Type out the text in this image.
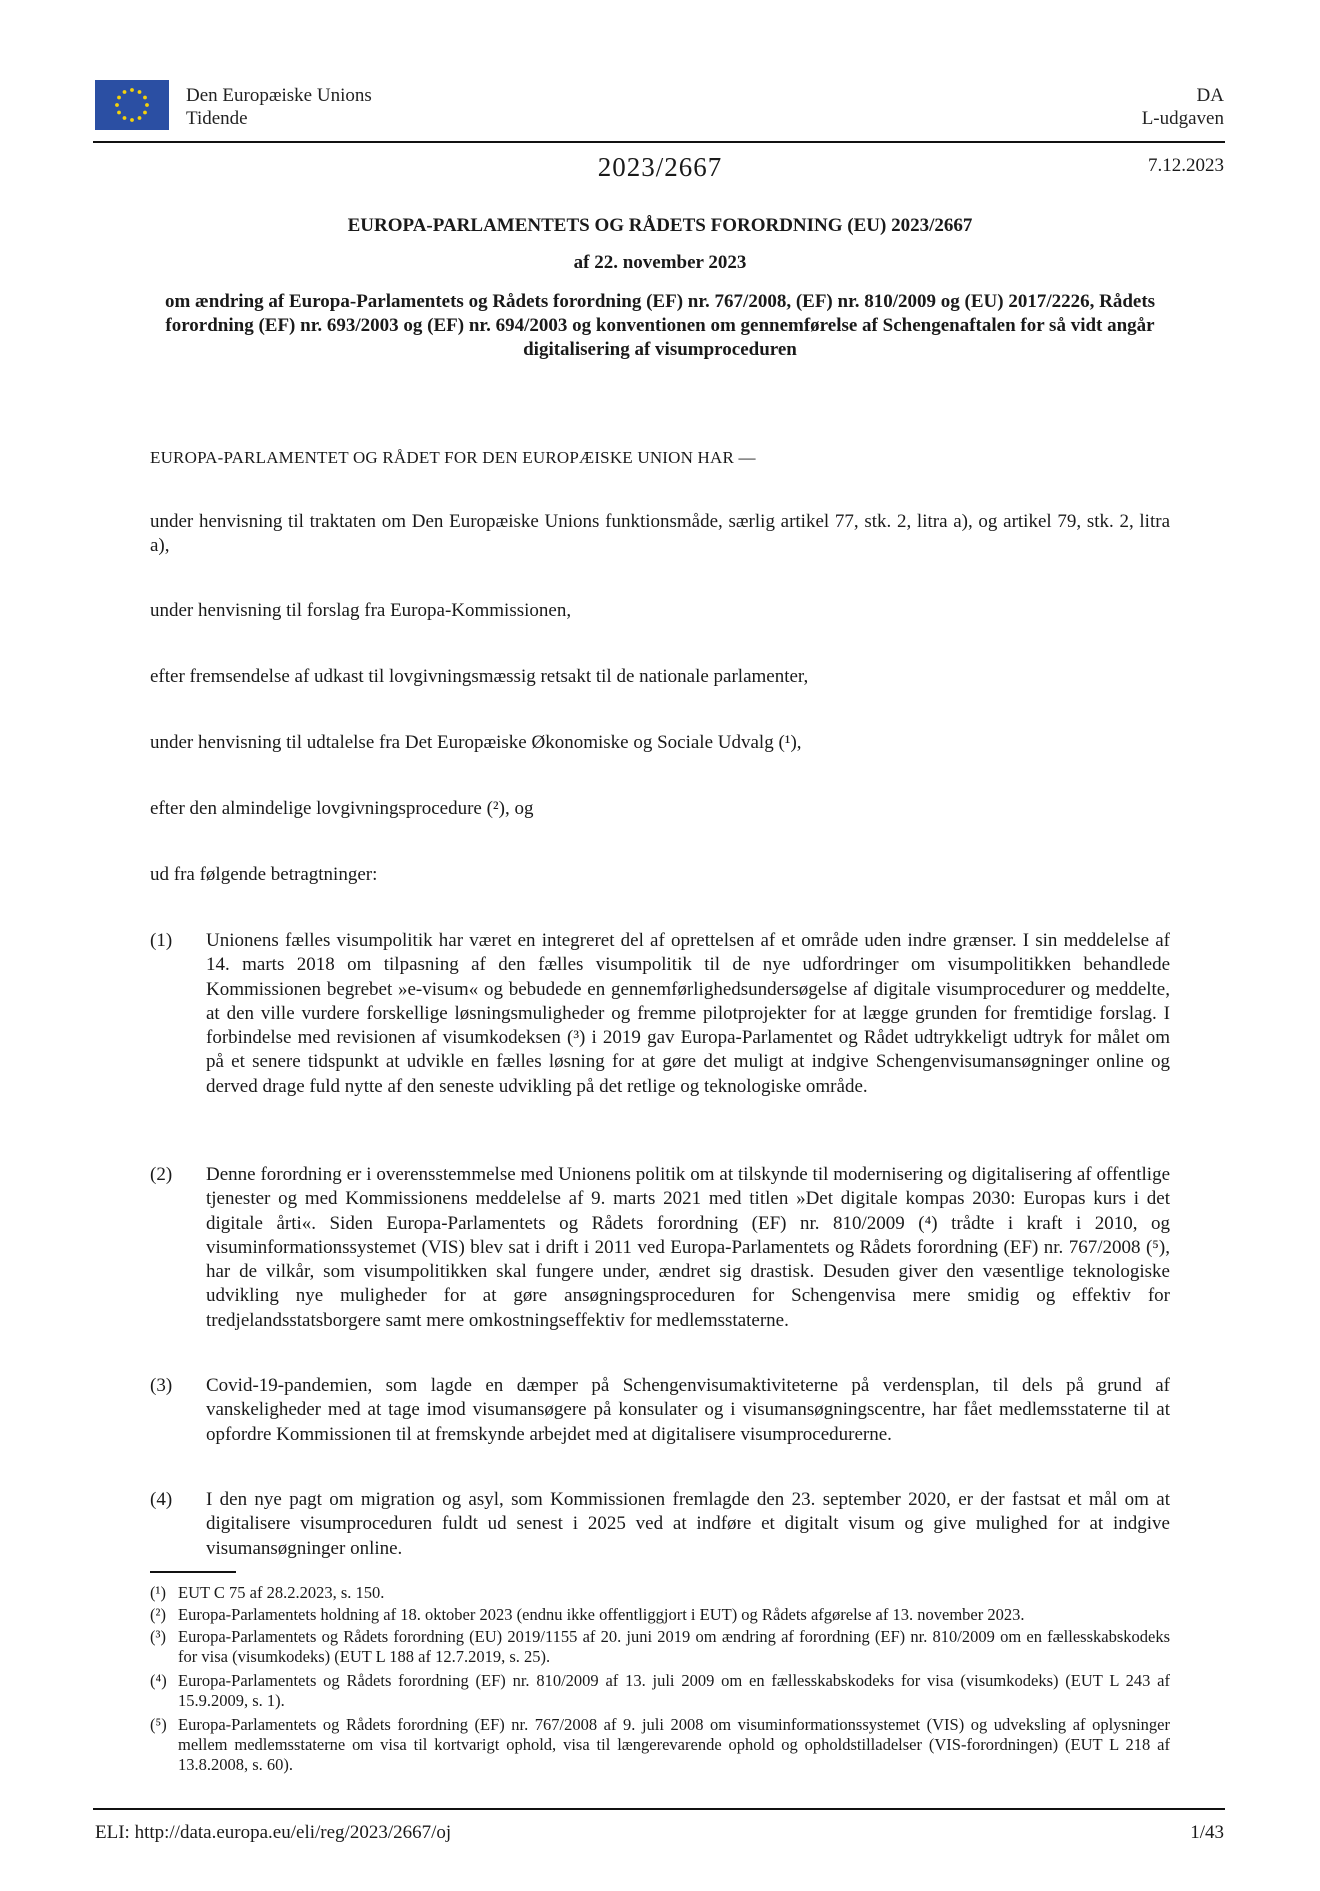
Den Europæiske Unions
Tidende
DA
L-udgaven
2023/2667	7.12.2023
EUROPA-PARLAMENTETS OG RÅDETS FORORDNING (EU) 2023/2667
af 22. november 2023
om ændring af Europa-Parlamentets og Rådets forordning (EF) nr. 767/2008, (EF) nr. 810/2009 og (EU) 2017/2226, Rådets forordning (EF) nr. 693/2003 og (EF) nr. 694/2003 og konventionen om gennemførelse af Schengenaftalen for så vidt angår digitalisering af visumproceduren
EUROPA-PARLAMENTET OG RÅDET FOR DEN EUROPÆISKE UNION HAR —
under henvisning til traktaten om Den Europæiske Unions funktionsmåde, særlig artikel 77, stk. 2, litra a), og artikel 79, stk. 2, litra a),
under henvisning til forslag fra Europa-Kommissionen,
efter fremsendelse af udkast til lovgivningsmæssig retsakt til de nationale parlamenter,
under henvisning til udtalelse fra Det Europæiske Økonomiske og Sociale Udvalg (¹),
efter den almindelige lovgivningsprocedure (²), og
ud fra følgende betragtninger:
(1) Unionens fælles visumpolitik har været en integreret del af oprettelsen af et område uden indre grænser. I sin meddelelse af 14. marts 2018 om tilpasning af den fælles visumpolitik til de nye udfordringer om visumpolitikken behandlede Kommissionen begrebet »e-visum« og bebudede en gennemførlighedsundersøgelse af digitale visumprocedurer og meddelte, at den ville vurdere forskellige løsningsmuligheder og fremme pilotprojekter for at lægge grunden for fremtidige forslag. I forbindelse med revisionen af visumkodeksen (³) i 2019 gav Europa-Parlamentet og Rådet udtrykkeligt udtryk for målet om på et senere tidspunkt at udvikle en fælles løsning for at gøre det muligt at indgive Schengenvisumansøgninger online og derved drage fuld nytte af den seneste udvikling på det retlige og teknologiske område.
(2) Denne forordning er i overensstemmelse med Unionens politik om at tilskynde til modernisering og digitalisering af offentlige tjenester og med Kommissionens meddelelse af 9. marts 2021 med titlen »Det digitale kompas 2030: Europas kurs i det digitale årti«. Siden Europa-Parlamentets og Rådets forordning (EF) nr. 810/2009 (⁴) trådte i kraft i 2010, og visuminformationssystemet (VIS) blev sat i drift i 2011 ved Europa-Parlamentets og Rådets forordning (EF) nr. 767/2008 (⁵), har de vilkår, som visumpolitikken skal fungere under, ændret sig drastisk. Desuden giver den væsentlige teknologiske udvikling nye muligheder for at gøre ansøgningsproceduren for Schengenvisa mere smidig og effektiv for tredjelandsstatsborgere samt mere omkostningseffektiv for medlemsstaterne.
(3) Covid-19-pandemien, som lagde en dæmper på Schengenvisumaktiviteterne på verdensplan, til dels på grund af vanskeligheder med at tage imod visumansøgere på konsulater og i visumansøgningscentre, har fået medlemsstaterne til at opfordre Kommissionen til at fremskynde arbejdet med at digitalisere visumprocedurerne.
(4) I den nye pagt om migration og asyl, som Kommissionen fremlagde den 23. september 2020, er der fastsat et mål om at digitalisere visumproceduren fuldt ud senest i 2025 ved at indføre et digitalt visum og give mulighed for at indgive visumansøgninger online.
(¹) EUT C 75 af 28.2.2023, s. 150.
(²) Europa-Parlamentets holdning af 18. oktober 2023 (endnu ikke offentliggjort i EUT) og Rådets afgørelse af 13. november 2023.
(³) Europa-Parlamentets og Rådets forordning (EU) 2019/1155 af 20. juni 2019 om ændring af forordning (EF) nr. 810/2009 om en fællesskabskodeks for visa (visumkodeks) (EUT L 188 af 12.7.2019, s. 25).
(⁴) Europa-Parlamentets og Rådets forordning (EF) nr. 810/2009 af 13. juli 2009 om en fællesskabskodeks for visa (visumkodeks) (EUT L 243 af 15.9.2009, s. 1).
(⁵) Europa-Parlamentets og Rådets forordning (EF) nr. 767/2008 af 9. juli 2008 om visuminformationssystemet (VIS) og udveksling af oplysninger mellem medlemsstaterne om visa til kortvarigt ophold, visa til længerevarende ophold og opholdstilladelser (VIS-forordningen) (EUT L 218 af 13.8.2008, s. 60).
ELI: http://data.europa.eu/eli/reg/2023/2667/oj	1/43
